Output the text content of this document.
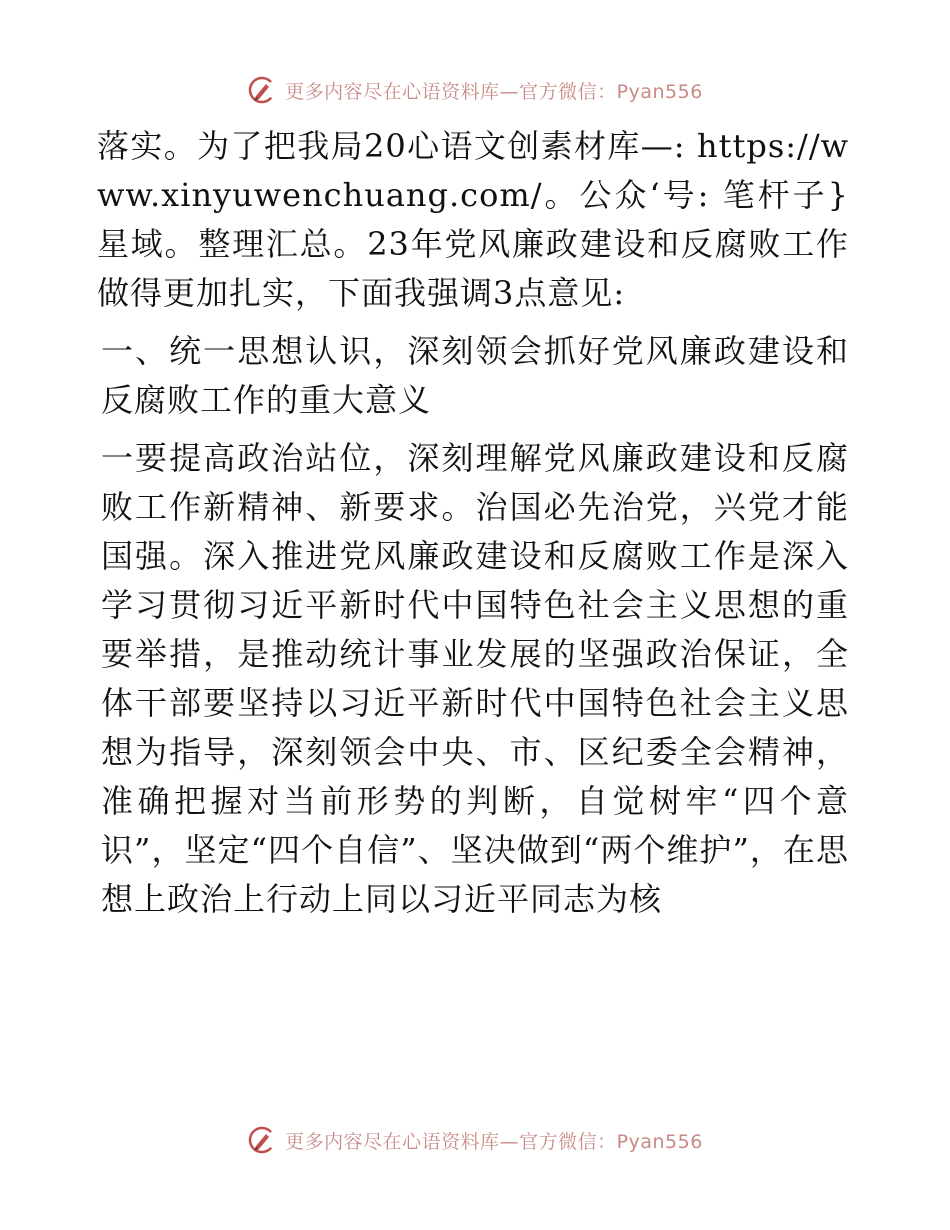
更多内容尽在心语资料库—官方微信：Pyan556

落实。为了把我局20心语文创素材库—: https://www.xinyuwenchuang.com/。公众‘号: 笔杆子}星域。整理汇总。23年党风廉政建设和反腐败工作做得更加扎实，下面我强调3点意见:

一、统一思想认识，深刻领会抓好党风廉政建设和反腐败工作的重大意义

一要提高政治站位，深刻理解党风廉政建设和反腐败工作新精神、新要求。治国必先治党，兴党才能国强。深入推进党风廉政建设和反腐败工作是深入学习贯彻习近平新时代中国特色社会主义思想的重要举措，是推动统计事业发展的坚强政治保证，全体干部要坚持以习近平新时代中国特色社会主义思想为指导，深刻领会中央、市、区纪委全会精神，准确把握对当前形势的判断，自觉树牢“四个意识”，坚定“四个自信”、坚决做到“两个维护”，在思想上政治上行动上同以习近平同志为核

更多内容尽在心语资料库—官方微信：Pyan556
